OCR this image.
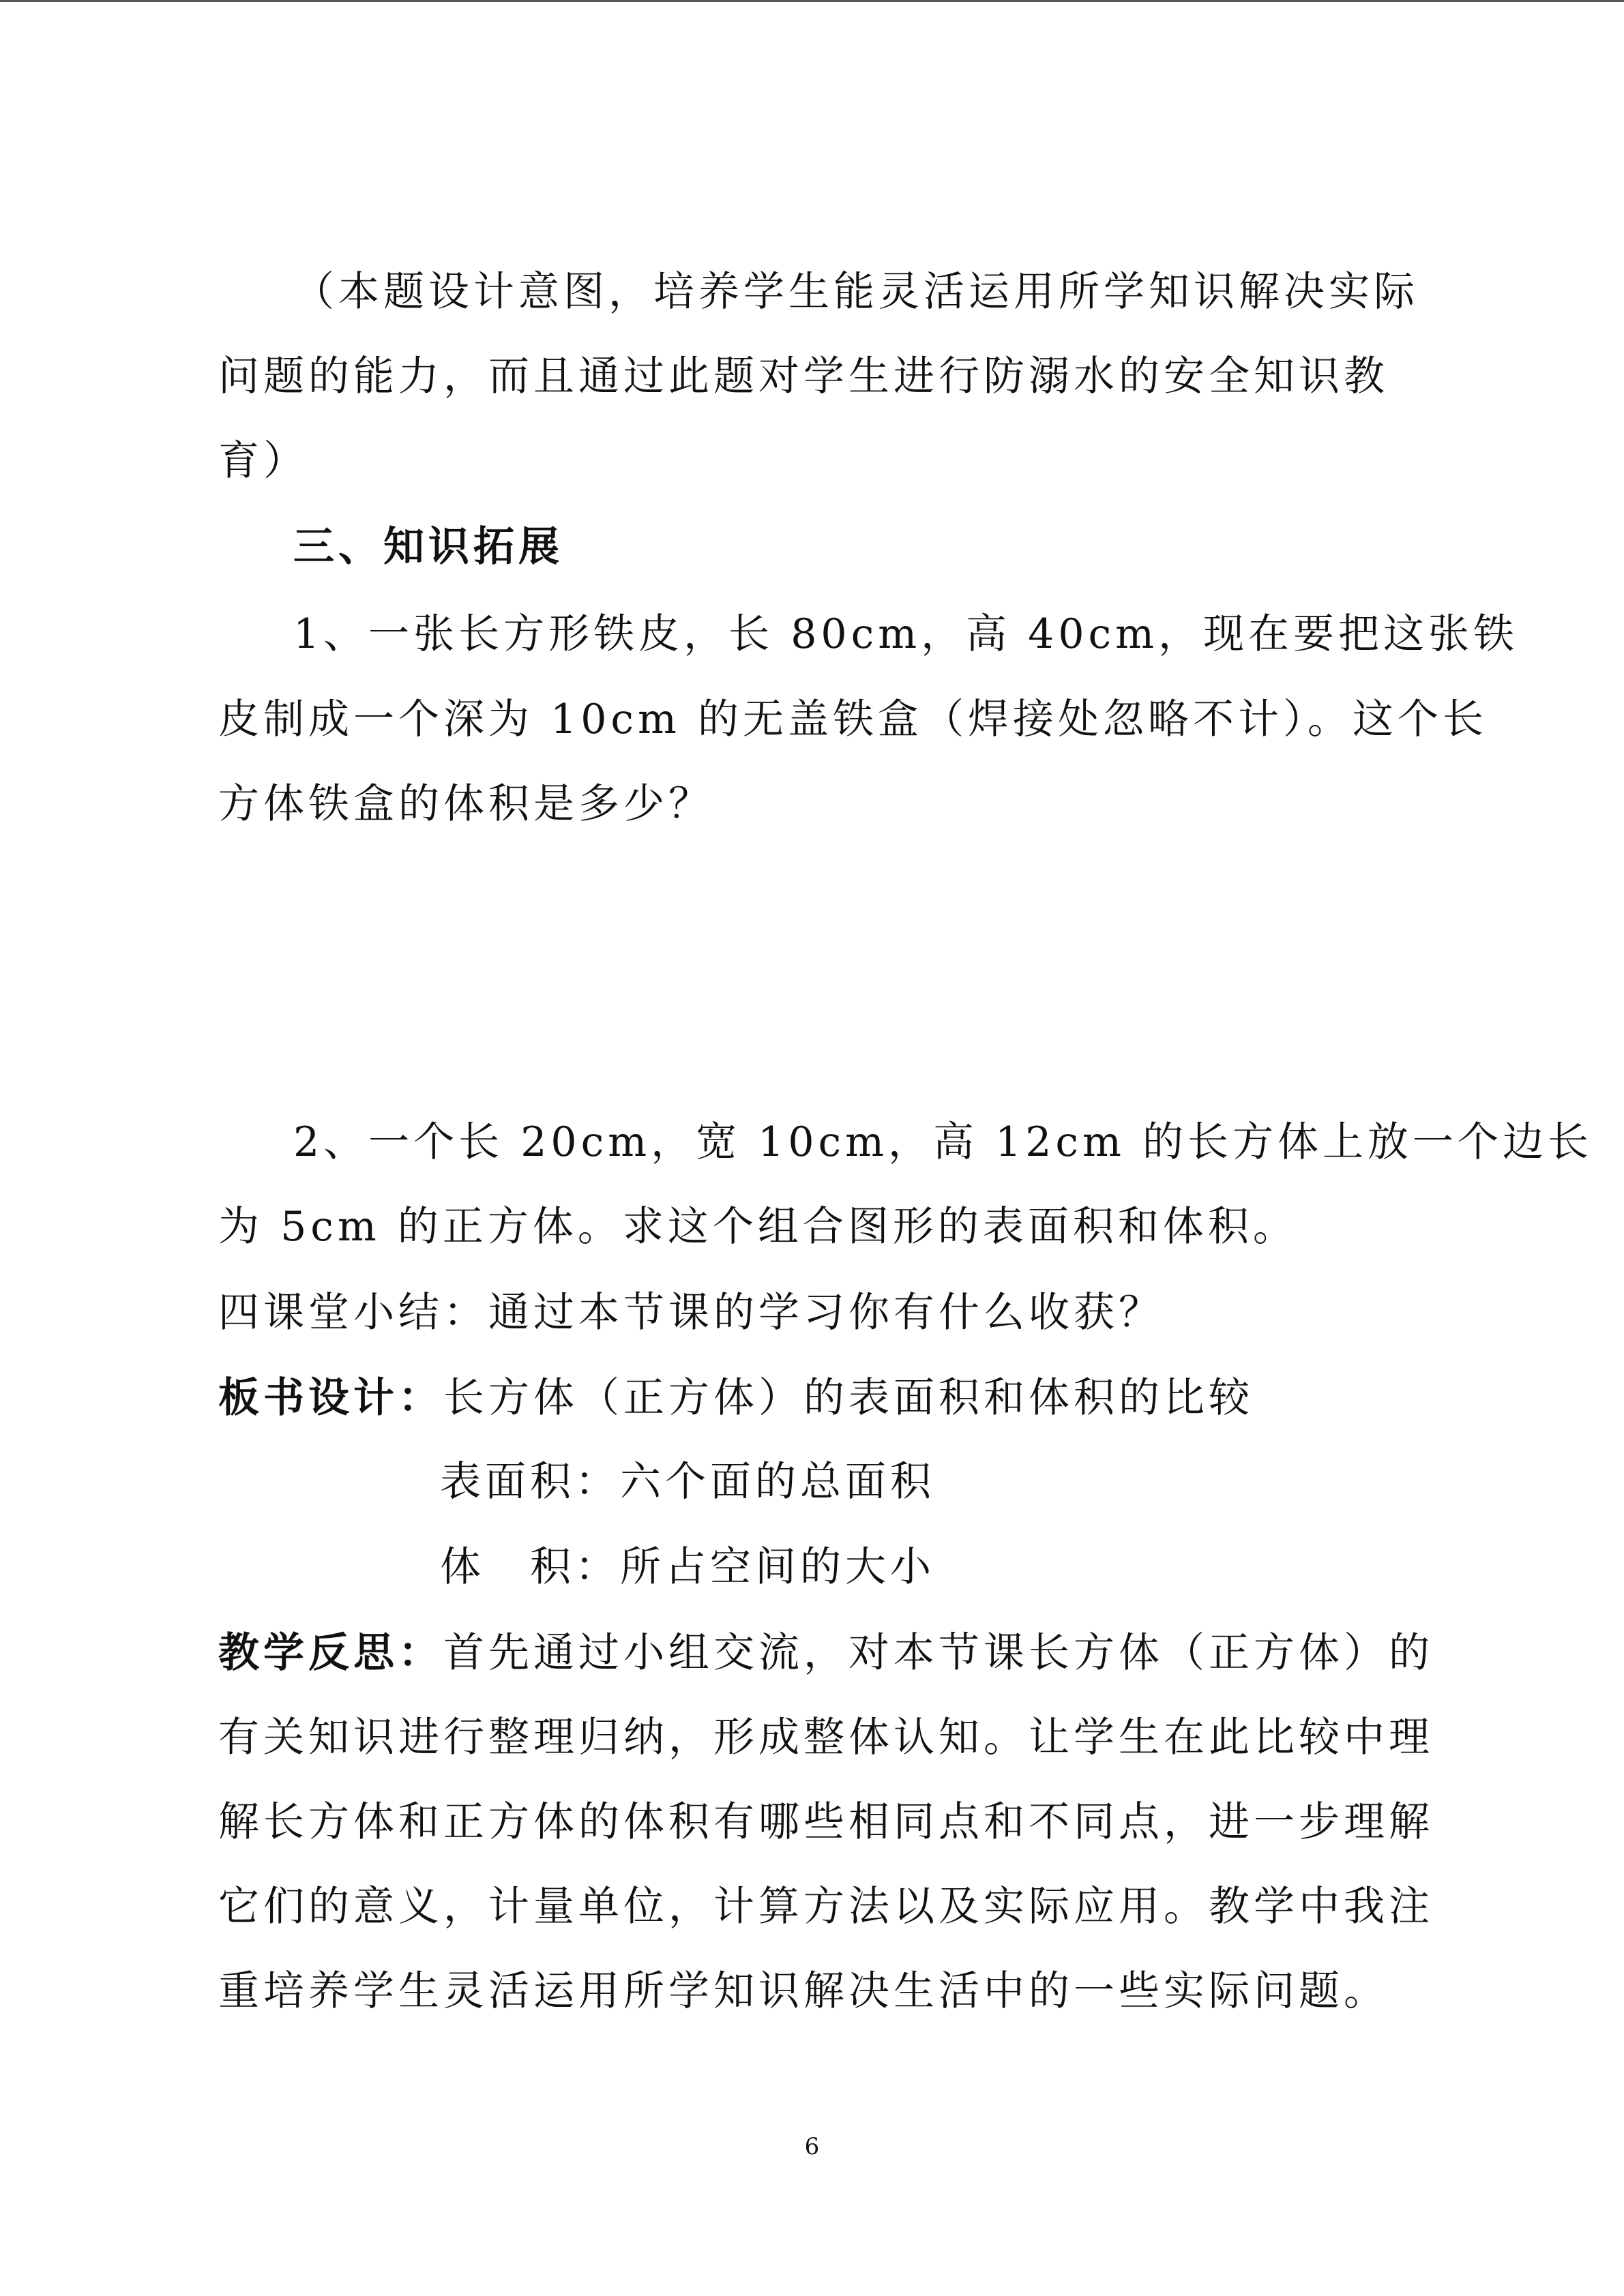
（本题设计意图，培养学生能灵活运用所学知识解决实际
问题的能力，而且通过此题对学生进行防溺水的安全知识教
育）
三、知识拓展
1、一张长方形铁皮，长 80cm，高 40cm，现在要把这张铁
皮制成一个深为 10cm 的无盖铁盒（焊接处忽略不计）。这个长
方体铁盒的体积是多少？
2、一个长 20cm，宽 10cm，高 12cm 的长方体上放一个边长
为 5cm 的正方体。求这个组合图形的表面积和体积。
四课堂小结：通过本节课的学习你有什么收获？
板书设计：长方体（正方体）的表面积和体积的比较
表面积：六个面的总面积
体　积：所占空间的大小
教学反思：首先通过小组交流，对本节课长方体（正方体）的
有关知识进行整理归纳，形成整体认知。让学生在此比较中理
解长方体和正方体的体积有哪些相同点和不同点，进一步理解
它们的意义，计量单位，计算方法以及实际应用。教学中我注
重培养学生灵活运用所学知识解决生活中的一些实际问题。
6
